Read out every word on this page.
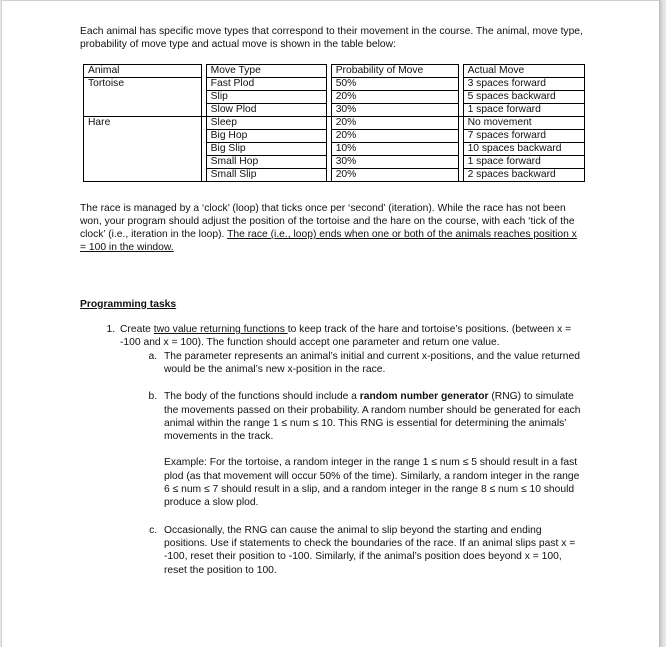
Each animal has specific move types that correspond to their movement in the course. The animal, move type, probability of move type and actual move is shown in the table below:

Animal		Move Type		Probability of Move		Actual Move
Tortoise		Fast Plod		50%		3 spaces forward
		Slip		20%		5 spaces backward
		Slow Plod		30%		1 space forward
Hare		Sleep		20%		No movement
		Big Hop		20%		7 spaces forward
		Big Slip		10%		10 spaces backward
		Small Hop		30%		1 space forward
		Small Slip		20%		2 spaces backward

The race is managed by a ‘clock’ (loop) that ticks once per ‘second’ (iteration). While the race has not been won, your program should adjust the position of the tortoise and the hare on the course, with each ‘tick of the clock’ (i.e., iteration in the loop). The race (i.e., loop) ends when one or both of the animals reaches position x = 100 in the window.

Programming tasks

1. Create two value returning functions to keep track of the hare and tortoise’s positions. (between x = -100 and x = 100). The function should accept one parameter and return one value.
a. The parameter represents an animal’s initial and current x-positions, and the value returned would be the animal’s new x-position in the race.
b. The body of the functions should include a random number generator (RNG) to simulate the movements passed on their probability. A random number should be generated for each animal within the range 1 ≤ num ≤ 10. This RNG is essential for determining the animals’ movements in the track.

Example: For the tortoise, a random integer in the range 1 ≤ num ≤ 5 should result in a fast plod (as that movement will occur 50% of the time). Similarly, a random integer in the range 6 ≤ num ≤ 7 should result in a slip, and a random integer in the range 8 ≤ num ≤ 10 should produce a slow plod.

c. Occasionally, the RNG can cause the animal to slip beyond the starting and ending positions. Use if statements to check the boundaries of the race. If an animal slips past x = -100, reset their position to -100. Similarly, if the animal’s position does beyond x = 100, reset the position to 100.
